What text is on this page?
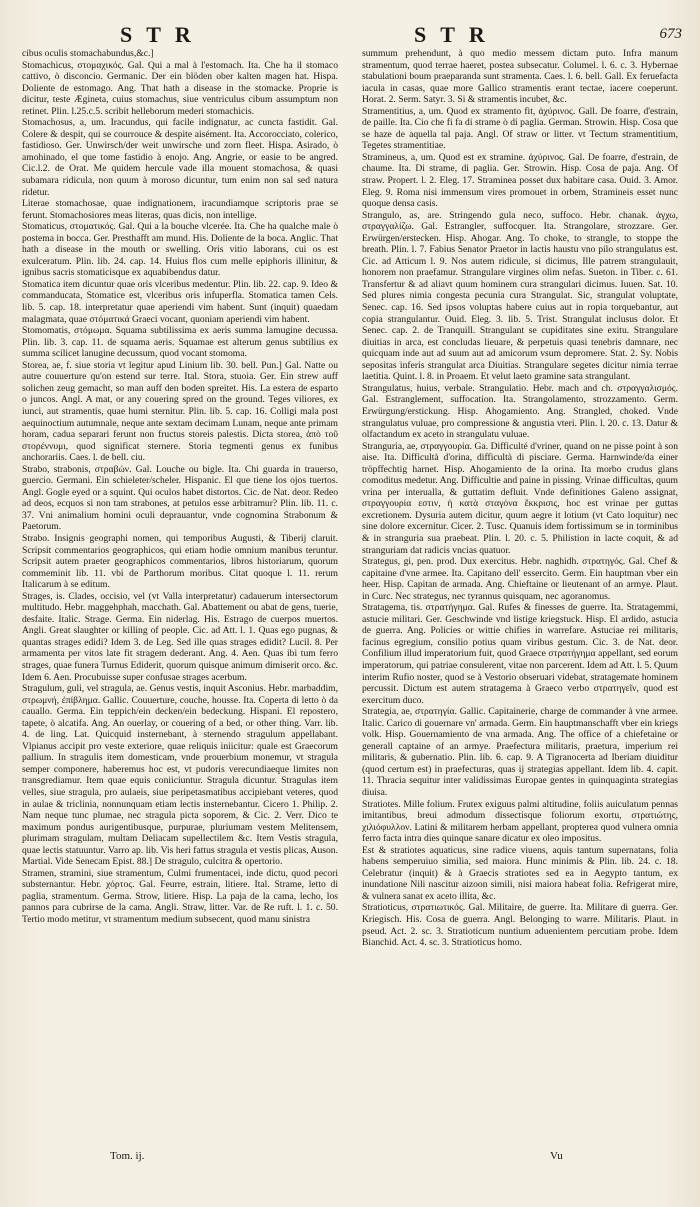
STR	STR	673

cibus oculis stomachabundus,&c.]

Stomachicus, στομαχικός. Gal. Qui a mal à l'estomach. Ita. Che ha il stomaco cattivo, ò disconcio. Germanic. Der ein blöden ober kalten magen hat. Hispa. Doliente de estomago. Ang. That hath a disease in the stomacke. Proprie is dicitur, teste Ægineta, cuius stomachus, siue ventriculus cibum assumptum non retinet. Plin. l.25.c.5. scribit helleborum mederi stomachicis.

Stomachosus, a, um. Iracundus, qui facile indignatur, ac cuncta fastidit. Gal. Colere & despit, qui se courrouce & despite aisément. Ita. Accorocciato, colerico, fastidioso. Ger. Unwirsch/der weit unwirsche und zorn fleet. Hispa. Asirado, ò amohinado, el que tome fastidio à enojo. Ang. Angrie, or easie to be angred. Cic.l.2. de Orat. Me quidem hercule vade illa mouent stomachosa, & quasi subamara ridicula, non quum à moroso dicuntur, tum enim non sal sed natura ridetur.

Literae stomachosae, quae indignationem, iracundiamque scriptoris prae se ferunt. Stomachosiores meas literas, quas dicis, non intellige.

Stomaticus, στοματικός. Gal. Qui a la bouche vlcerée. Ita. Che ha qualche male ò postema in bocca. Ger. Presthafft am mund. His. Doliente de la boca. Anglic. That hath a disease in the mouth or swelling. Oris vitio laborans, cui os est exulceratum. Plin. lib. 24. cap. 14. Huius flos cum melle epiphoris illinitur, & ignibus sacris stomaticisque ex aquabibendus datur.

Stomatica item dicuntur quae oris vlceribus medentur. Plin. lib. 22. cap. 9. Ideo & commanducata, Stomatice est, vlceribus oris infuperfla. Stomatica tamen Cels. lib. 5. cap. 18. interpretatur quae aperiendi vim habent. Sunt (inquit) quaedam malagmata, quae στόματικά Graeci vocant, quoniam aperiendi vim habent.

Stomomatis, στόμωμα. Squama subtilissima ex aeris summa lamugine decussa. Plin. lib. 3. cap. 11. de squama aeris. Squamae est alterum genus subtilius ex summa scilicet lanugine decussum, quod vocant stomoma.

Storea, ae, f. siue storia vt legitur apud Linium lib. 30. bell. Pun.] Gal. Natte ou autre couuerture qu'on estend sur terre. Ital. Stora, stuoia. Ger. Ein strew auff solichen zeug gemacht, so man auff den boden spreitet. His. La estera de esparto o juncos. Angl. A mat, or any couering spred on the ground. Teges viliores, ex iunci, aut stramentis, quae humi sternitur. Plin. lib. 5. cap. 16. Colligi mala post aequinoctium autumnale, neque ante sextam decimam Lunam, neque ante primam horam, cadua separari ferunt non fructus storeis palestis. Dicta storea, ἀπὸ τοῦ στορέννυμι, quod significat sternere. Storia tegmenti genus ex funibus anchorariis. Caes. l. de bell. ciu.

Strabo, strabonis, στραβών. Gal. Louche ou bigle. Ita. Chi guarda in trauerso, guercio. Germani. Ein schieleter/scheler. Hispanic. El que tiene los ojos tuertos. Angl. Gogle eyed or a squint. Qui oculos habet distortos. Cic. de Nat. deor. Redeo ad deos, ecquos si non tam strabones, at petulos esse arbitramur? Plin. lib. 11. c. 37. Vni animalium homini oculi deprauantur, vnde cognomina Strabonum & Paetorum.

Strabo. Insignis geographi nomen, qui temporibus Augusti, & Tiberij claruit. Scripsit commentarios geographicos, qui etiam hodie omnium manibus teruntur. Scripsit autem praeter geographicos commentarios, libros historiarum, quorum commeminit lib. 11. vbi de Parthorum moribus. Citat quoque l. 11. rerum Italicarum à se editum.

Strages, is. Clades, occisio, vel (vt Valla interpretatur) cadauerum intersectorum multitudo. Hebr. maggehphah, macchath. Gal. Abattement ou abat de gens, tuerie, desfaite. Italic. Strage. Germa. Ein niderlag. His. Estrago de cuerpos muertos. Angli. Great slaughter or killing of people. Cic. ad Att. l. 1. Quas ego pugnas, & quantas strages edidi? Idem 3. de Leg. Sed ille quas strages edidit? Lucil. 8. Per armamenta per vitos late fit stragem dederant. Ang. 4. Aen. Quas ibi tum ferro strages, quae funera Turnus Ediderit, quorum quisque animum dimiserit orco. &c. Idem 6. Aen. Procubuisse super confusae strages acerbum.

Stragulum, guli, vel stragula, ae. Genus vestis, inquit Asconius. Hebr. marbaddim, στρωμνή, ἐπίβλημα. Gallic. Couuerture, couche, housse. Ita. Coperta di letto ò da cauallo. Germa. Ein teppich/ein decken/ein bedeckung. Hispani. El repostero, tapete, ò alcatifa. Ang. An ouerlay, or couering of a bed, or other thing. Varr. lib. 4. de ling. Lat. Quicquid insternebant, à sternendo stragulum appellabant. Vlpianus accipit pro veste exteriore, quae reliquis iniicitur: quale est Graecorum pallium. In stragulis item domesticam, vnde prouerbium monemur, vt stragula semper componere, haberemus hoc est, vt pudoris verecundiaeque limites non transgrediamur. Item quae equis coniiciuntur. Stragula dicuntur. Stragulas item velles, siue stragula, pro aulaeis, siue peripetasmatibus accipiebant veteres, quod in aulae & triclinia, nonnunquam etiam lectis insternebantur. Cicero 1. Philip. 2. Nam neque tunc plumae, nec stragula picta soporem, & Cic. 2. Verr. Dico te maximum pondus aurigentibusque, purpurae, pluriumam vestem Melitensem, plurimam stragulam, multam Deliacam supellectilem &c. Item Vestis stragula, quae lectis statuuntur. Varro ap. lib. Vis heri fattus stragula et vestis plicas, Auson. Martial. Vide Senecam Epist. 88.] De stragulo, culcitra & opertorio.

Stramen, stramini, siue stramentum, Culmi frumentacei, inde dictu, quod pecori substernantur. Hebr. χόρτος. Gal. Feurre, estrain, litiere. Ital. Strame, letto di paglia, stramentum. Germa. Strow, litiere. Hisp. La paja de la cama, lecho, los pannos para cubrirse de la cama. Angli. Straw, litter. Var. de Re ruft. l. 1. c. 50. Tertio modo metitur, vt stramentum medium subsecent, quod manu sinistra

summum prehendunt, à quo medio messem dictam puto. Infra manum stramentum, quod terrae haeret, postea subsecatur. Columel. l. 6. c. 3. Hybernae stabulationi boum praeparanda sunt stramenta. Caes. l. 6. bell. Gall. Ex feruefacta iacula in casas, quae more Gallico stramentis erant tectae, iacere coeperunt. Horat. 2. Serm. Satyr. 3. Si & stramentis incubet, &c.

Stramentitius, a, um. Quod ex stramento fit, ἀχύρινος. Gall. De foarre, d'estrain, de paille. Ita. Cio che fi fa di strame ò di paglia. German. Strowin. Hisp. Cosa que se haze de aquella tal paja. Angl. Of straw or litter. vt Tectum stramentitium, Tegetes stramentitiae.

Stramineus, a, um. Quod est ex stramine. ἀχύρινος. Gal. De foarre, d'estrain, de chaume. Ita. Di strame, di paglia. Ger. Strowin. Hisp. Cosa de paja. Ang. Of straw. Propert. l. 2. Eleg. 17. Straminea posset dux habitare casa. Ouid. 3. Amor. Eleg. 9. Roma nisi immensum vires promouet in orbem, Stramineis esset nunc quoque densa casis.

Strangulo, as, are. Stringendo gula neco, suffoco. Hebr. chanak. ἀγχω, στραγγαλίζω. Gal. Estrangler, suffocquer. Ita. Strangolare, strozzare. Ger. Erwürgen/erstecken. Hisp. Ahogar. Ang. To choke, to strangle, to stoppe the breath. Plin. l. 7. Fabius Senator Praetor in lactis haustu vno pilo strangulatus est. Cic. ad Atticum l. 9. Nos autem ridicule, si dicimus, Ille patrem strangulauit, honorem non praefamur. Strangulare virgines olim nefas. Sueton. in Tiber. c. 61. Transfertur & ad aliavt quum hominem cura strangulari dicimus. Iuuen. Sat. 10. Sed plures nimia congesta pecunia cura Strangulat. Sic, strangulat voluptate, Senec. cap. 16. Sed ipsos voluptas habere cuius aut in ropia torquebantur, aut copia strangulantur. Ouid. Eleg. 3. lib. 5. Trist. Strangulat inclusus dolor. Et Senec. cap. 2. de Tranquill. Strangulant se cupiditates sine exitu. Strangulare diuitias in arca, est concludas lieuare, & perpetuis quasi tenebris damnare, nec quicquam inde aut ad suum aut ad amicorum vsum depromere. Stat. 2. Sy. Nobis sepositas inferis strangulat arca Diuitias. Strangulare segetes dicitur nimia terrae laetitia. Quint. l. 8. in Proaem. Et velut laeto gramine sata strangulant.

Strangulatus, huius, verbale. Strangulatio. Hebr. mach and ch. στραγγαλισμός. Gal. Estranglement, suffocation. Ita. Strangolamento, strozzamento. Germ. Erwürgung/erstickung. Hisp. Ahogamiento. Ang. Strangled, choked. Vnde strangulatus vuluae, pro compressione & angustia vteri. Plin. l. 20. c. 13. Datur & olfactandum ex aceto in strangulatu vuluae.

Stranguria, ae, στραγγουρία. Ga. Difficulté d'vriner, quand on ne pisse point à son aise. Ita. Difficultà d'orina, difficultà di pisciare. Germa. Harnwinde/da einer tröpffechtig harnet. Hisp. Ahogamiento de la orina. Ita morbo crudus glans comoditus medetur. Ang. Difficultie and paine in pissing. Vrinae difficultas, quum vrina per interualla, & guttatim defluit. Vnde definitiones Galeno assignat, στραγγουρία εστιν, ἡ κατὰ σταγόνα ἔκκρισις, hoc est vrinae per guttas excretionem. Dysuria autem dicitur, quum aegre it lotium (vt Cato loquitur) nec sine dolore excernitur. Cicer. 2. Tusc. Quanuis idem fortissimum se in torminibus & in stranguria sua praebeat. Plin. l. 20. c. 5. Philistion in lacte coquit, & ad stranguriam dat radicis vncias quatuor.

Strategus, gi, pen. prod. Dux exercitus. Hebr. naghidh. στρατηγός. Gal. Chef & capitaine d'vne armee. Ita. Capitano dell' essercito. Germ. Ein hauptman vber ein heer. Hisp. Capitan de armada. Ang. Chieftaine or lieutenant of an armye. Plaut. in Curc. Nec strategus, nec tyrannus quisquam, nec agoranomus.

Stratagema, tis. στρατήγημα. Gal. Rufes & finesses de guerre. Ita. Stratagemmi, astucie militari. Ger. Geschwinde vnd listige kriegstuck. Hisp. El ardido, astucia de guerra. Ang. Policies or wittie chifies in warrefare. Astuciae rei militaris, facinus egregium, consilio potius quam viribus gestum. Cic. 3. de Nat. deor. Confilium illud imperatorium fuit, quod Graece στρατήγημα appellant, sed eorum imperatorum, qui patriae consulerent, vitae non parcerent. Idem ad Att. l. 5. Quum interim Rufio noster, quod se à Vestorio obseruari videbat, stratagemate hominem percussit. Dictum est autem stratagema à Graeco verbo στρατηγεῖν, quod est exercitum duco.

Strategia, ae, στρατηγία. Gallic. Capitainerie, charge de commander à vne armee. Italic. Carico di gouernare vn' armada. Germ. Ein hauptmanschafft vber ein kriegs volk. Hisp. Gouernamiento de vna armada. Ang. The office of a chiefetaine or generall captaine of an armye. Praefectura militaris, praetura, imperium rei militaris, & gubernatio. Plin. lib. 6. cap. 9. A Tigranocerta ad Iberiam diuiditur (quod certum est) in praefecturas, quas ij strategias appellant. Idem lib. 4. capit. 11. Thracia sequitur inter validissimas Europae gentes in quinquaginta strategias diuisa.

Stratiotes. Mille folium. Frutex exiguus palmi altitudine, foliis auiculatum pennas imitantibus, breui admodum dissectisque foliorum exortu, στρατιώτης, χιλιόφυλλον. Latini & militarem herbam appellant, propterea quod vulnera omnia ferro facta intra dies quinque sanare dicatur ex oleo impositus.

Est & stratiotes aquaticus, sine radice viuens, aquis tantum supernatans, folia habens semperuiuo similia, sed maiora. Hunc minimis & Plin. lib. 24. c. 18. Celebratur (inquit) & à Graecis stratiotes sed ea in Aegypto tantum, ex inundatione Nili nascitur aizoon simili, nisi maiora habeat folia. Refrigerat mire, & vulnera sanat ex aceto illita, &c.

Stratioticus, στρατιωτικός. Gal. Militaire, de guerre. Ita. Militare di guerra. Ger. Kriegisch. His. Cosa de guerra. Angl. Belonging to warre. Militaris. Plaut. in pseud. Act. 2. sc. 3. Stratioticum nuntium aduenientem percutiam probe. Idem Bianchid. Act. 4. sc. 3. Stratioticus homo.

Tom. ij.	Vu
